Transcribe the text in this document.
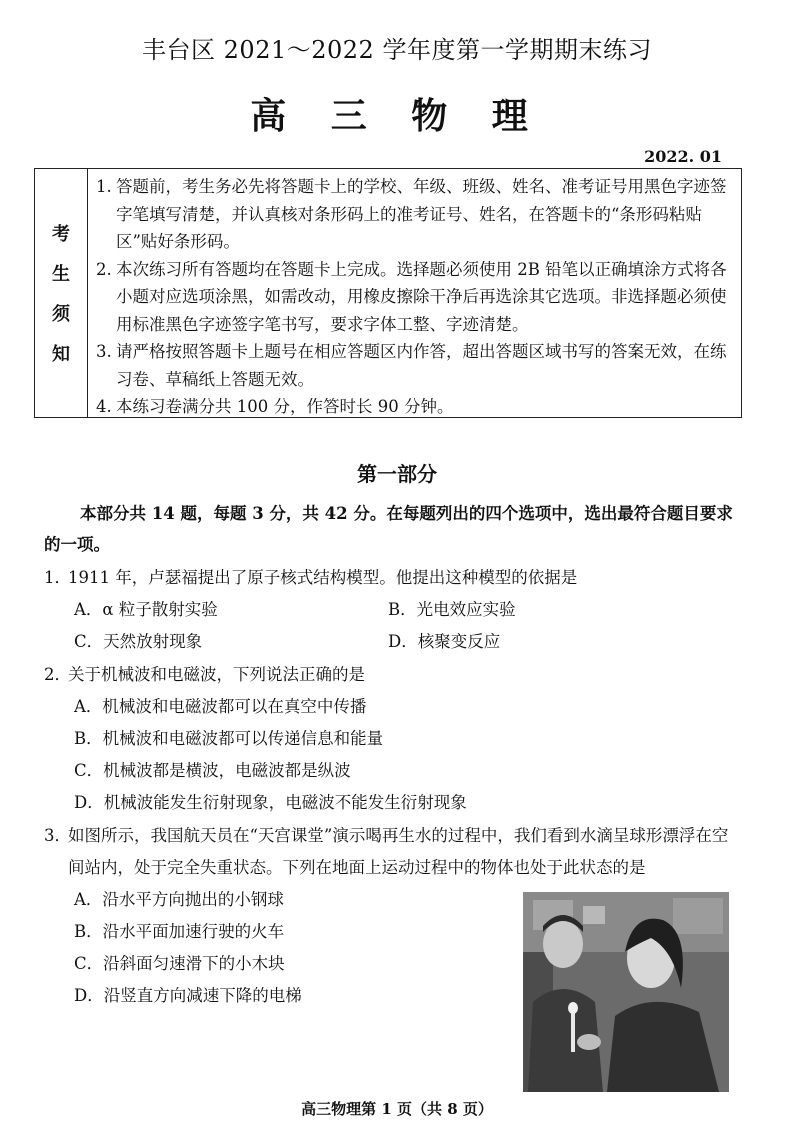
丰台区 2021～2022 学年度第一学期期末练习
高 三 物 理
2022. 01
考
生
须
知
1. 答题前，考生务必先将答题卡上的学校、年级、班级、姓名、准考证号用黑色字迹签字笔填写清楚，并认真核对条形码上的准考证号、姓名，在答题卡的“条形码粘贴区”贴好条形码。
2. 本次练习所有答题均在答题卡上完成。选择题必须使用 2B 铅笔以正确填涂方式将各小题对应选项涂黑，如需改动，用橡皮擦除干净后再选涂其它选项。非选择题必须使用标准黑色字迹签字笔书写，要求字体工整、字迹清楚。
3. 请严格按照答题卡上题号在相应答题区内作答，超出答题区域书写的答案无效，在练习卷、草稿纸上答题无效。
4. 本练习卷满分共 100 分，作答时长 90 分钟。
第一部分
本部分共 14 题，每题 3 分，共 42 分。在每题列出的四个选项中，选出最符合题目要求的一项。
1．
1911 年，卢瑟福提出了原子核式结构模型。他提出这种模型的依据是
A．α 粒子散射实验	B．光电效应实验
C．天然放射现象	D．核聚变反应
2．
关于机械波和电磁波，下列说法正确的是
A．机械波和电磁波都可以在真空中传播
B．机械波和电磁波都可以传递信息和能量
C．机械波都是横波，电磁波都是纵波
D．机械波能发生衍射现象，电磁波不能发生衍射现象
3．
如图所示，我国航天员在“天宫课堂”演示喝再生水的过程中，我们看到水滴呈球形漂浮在空间站内，处于完全失重状态。下列在地面上运动过程中的物体也处于此状态的是
A．沿水平方向抛出的小钢球
B．沿水平面加速行驶的火车
C．沿斜面匀速滑下的小木块
D．沿竖直方向减速下降的电梯
高三物理第 1 页（共 8 页）
